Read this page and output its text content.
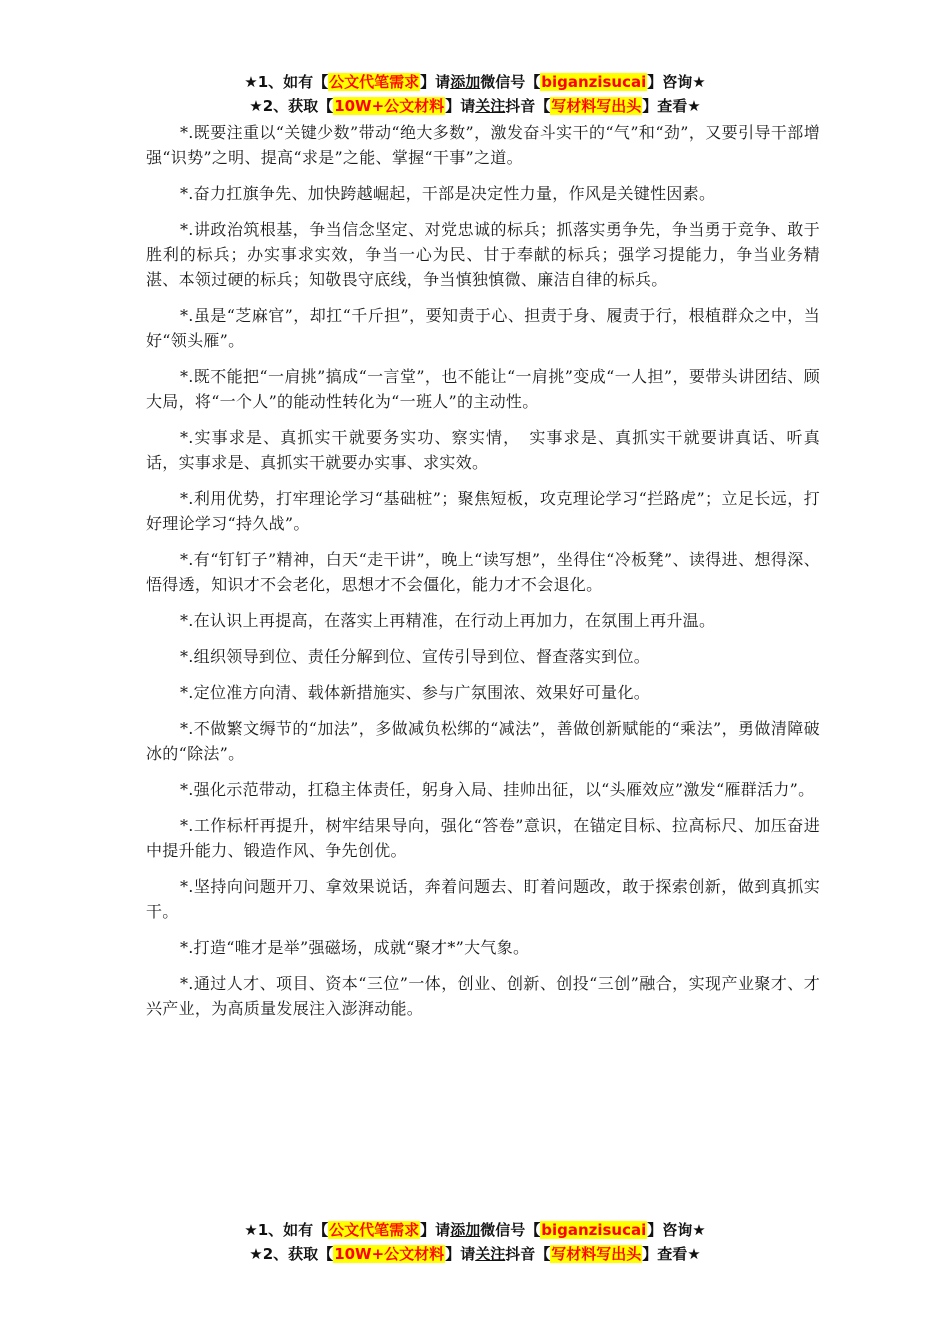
★1、如有【公文代笔需求】请添加微信号【biganzisucai】咨询★
★2、获取【10W+公文材料】请关注抖音【写材料写出头】查看★

*.既要注重以“关键少数”带动“绝大多数”，激发奋斗实干的“气”和“劲”，又要引导干部增强“识势”之明、提高“求是”之能、掌握“干事”之道。

*.奋力扛旗争先、加快跨越崛起，干部是决定性力量，作风是关键性因素。

*.讲政治筑根基，争当信念坚定、对党忠诚的标兵；抓落实勇争先，争当勇于竞争、敢于胜利的标兵；办实事求实效，争当一心为民、甘于奉献的标兵；强学习提能力，争当业务精湛、本领过硬的标兵；知敬畏守底线，争当慎独慎微、廉洁自律的标兵。

*.虽是“芝麻官”，却扛“千斤担”，要知责于心、担责于身、履责于行，根植群众之中，当好“领头雁”。

*.既不能把“一肩挑”搞成“一言堂”，也不能让“一肩挑”变成“一人担”，要带头讲团结、顾大局，将“一个人”的能动性转化为“一班人”的主动性。

*.实事求是、真抓实干就要务实功、察实情，　实事求是、真抓实干就要讲真话、听真话，实事求是、真抓实干就要办实事、求实效。

*.利用优势，打牢理论学习“基础桩”；聚焦短板，攻克理论学习“拦路虎”；立足长远，打好理论学习“持久战”。

*.有“钉钉子”精神，白天“走干讲”，晚上“读写想”，坐得住“冷板凳”、读得进、想得深、悟得透，知识才不会老化，思想才不会僵化，能力才不会退化。

*.在认识上再提高，在落实上再精准，在行动上再加力，在氛围上再升温。

*.组织领导到位、责任分解到位、宣传引导到位、督查落实到位。

*.定位准方向清、载体新措施实、参与广氛围浓、效果好可量化。

*.不做繁文缛节的“加法”，多做减负松绑的“减法”，善做创新赋能的“乘法”，勇做清障破冰的“除法”。

*.强化示范带动，扛稳主体责任，躬身入局、挂帅出征，以“头雁效应”激发“雁群活力”。

*.工作标杆再提升，树牢结果导向，强化“答卷”意识，在锚定目标、拉高标尺、加压奋进中提升能力、锻造作风、争先创优。

*.坚持向问题开刀、拿效果说话，奔着问题去、盯着问题改，敢于探索创新，做到真抓实干。

*.打造“唯才是举”强磁场，成就“聚才*”大气象。

*.通过人才、项目、资本“三位”一体，创业、创新、创投“三创”融合，实现产业聚才、才兴产业，为高质量发展注入澎湃动能。

★1、如有【公文代笔需求】请添加微信号【biganzisucai】咨询★
★2、获取【10W+公文材料】请关注抖音【写材料写出头】查看★
